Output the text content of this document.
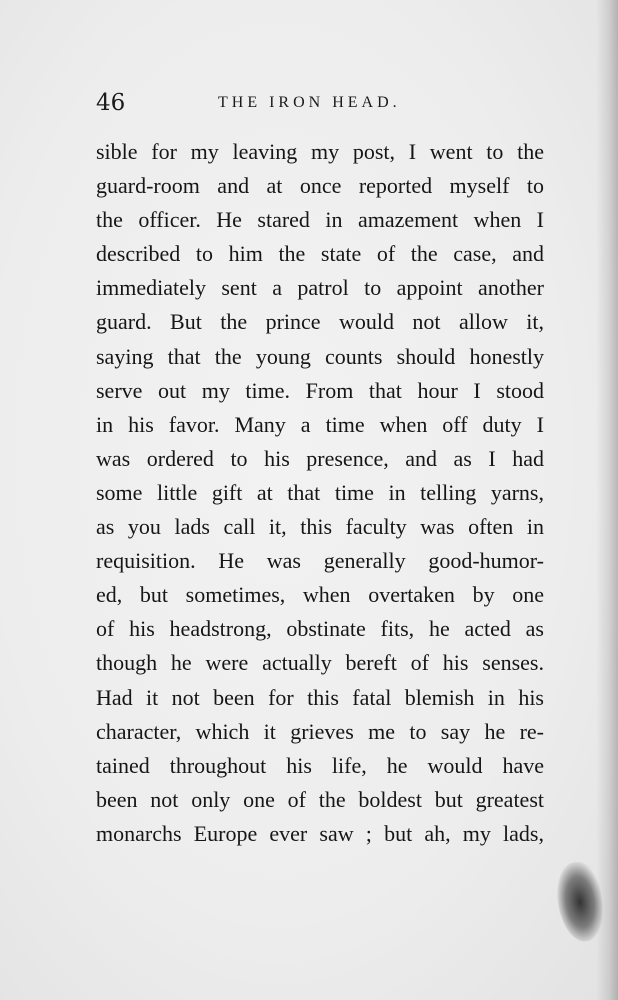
46	THE IRON HEAD.
sible for my leaving my post, I went to the
guard-room and at once reported myself to
the officer. He stared in amazement when I
described to him the state of the case, and
immediately sent a patrol to appoint another
guard. But the prince would not allow it,
saying that the young counts should honestly
serve out my time. From that hour I stood
in his favor. Many a time when off duty I
was ordered to his presence, and as I had
some little gift at that time in telling yarns,
as you lads call it, this faculty was often in
requisition. He was generally good-humor-
ed, but sometimes, when overtaken by one
of his headstrong, obstinate fits, he acted as
though he were actually bereft of his senses.
Had it not been for this fatal blemish in his
character, which it grieves me to say he re-
tained throughout his life, he would have
been not only one of the boldest but greatest
monarchs Europe ever saw ; but ah, my lads,
